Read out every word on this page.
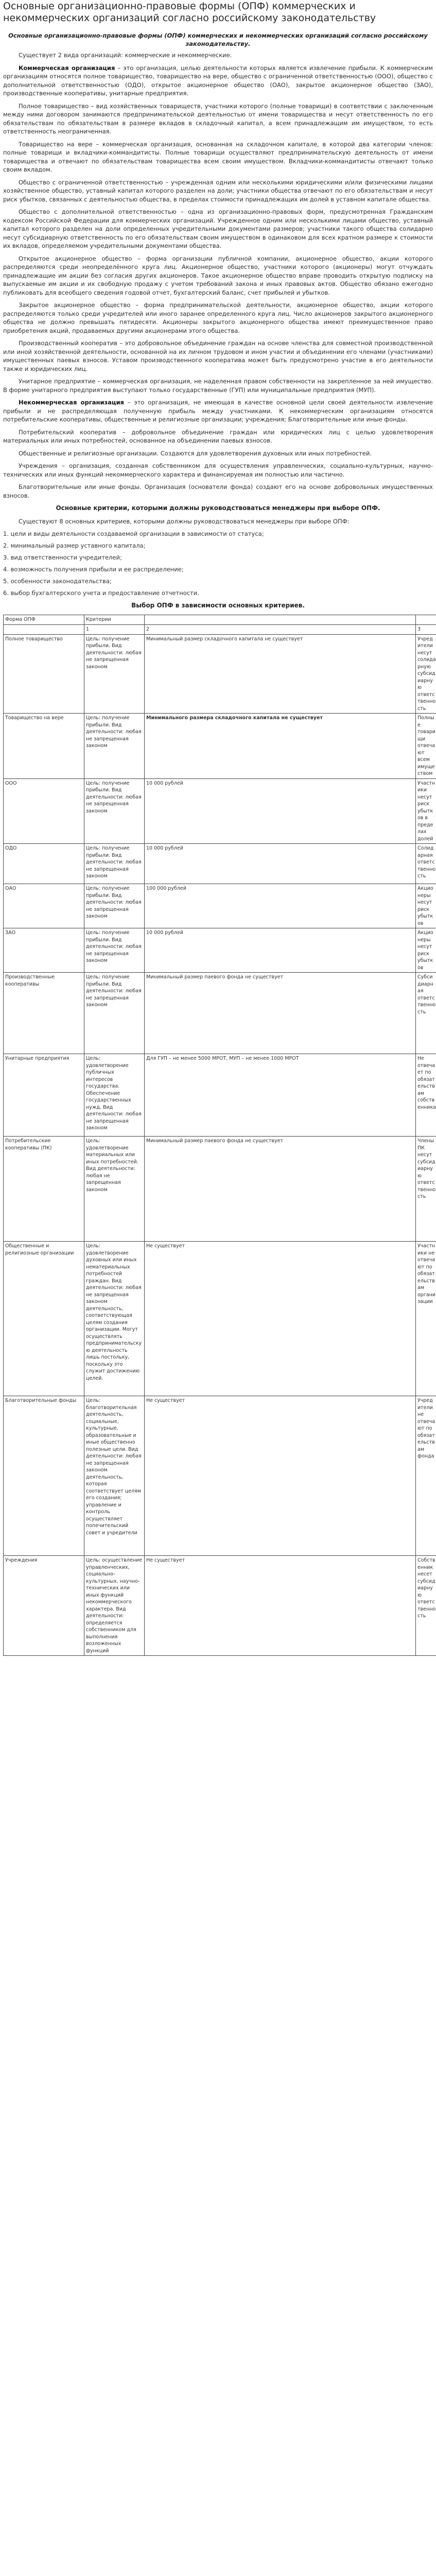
Основные организационно-правовые формы (ОПФ) коммерческих и некоммерческих организаций согласно российскому законодательству
Основные организационно-правовые формы (ОПФ) коммерческих и некоммерческих организаций согласно российскому законодательству.
Существует 2 вида организаций: коммерческие и некоммерческие.
Коммерческая организация – это организация, целью деятельности которых является извлечение прибыли. К коммерческим организациям относятся полное товарищество, товарищество на вере, общество с ограниченной ответственностью (ООО), общество с дополнительной ответственностью (ОДО), открытое акционерное общество (ОАО), закрытое акционерное общество (ЗАО), производственные кооперативы, унитарные предприятия.
Полное товарищество – вид хозяйственных товариществ, участники которого (полные товарищи) в соответствии с заключенным между ними договором занимаются предпринимательской деятельностью от имени товарищества и несут ответственность по его обязательствам по обязательствам в размере вкладов в складочный капитал, а всем принадлежащим им имуществом, то есть ответственность неограниченная.
Товарищество на вере – коммерческая организация, основанная на складочном капитале, в которой два категории членов: полные товарищи и вкладчики-коммандитисты. Полные товарищи осуществляют предпринимательскую деятельность от имени товарищества и отвечают по обязательствам товарищества всем своим имуществом. Вкладчики-коммандитисты отвечают только своим вкладом.
Общество с ограниченной ответственностью – учрежденная одним или несколькими юридическими и/или физическими лицами хозяйственное общество, уставный капитал которого разделен на доли; участники общества отвечают по его обязательствам и несут риск убытков, связанных с деятельностью общества, в пределах стоимости принадлежащих им долей в уставном капитале общества.
Общество с дополнительной ответственностью – одна из организационно-правовых форм, предусмотренная Гражданским кодексом Российской Федерации для коммерческих организаций. Учрежденное одним или несколькими лицами общество, уставный капитал которого разделен на доли определенных учредительными документами размеров; участники такого общества солидарно несут субсидиарную ответственность по его обязательствам своим имуществом в одинаковом для всех кратном размере к стоимости их вкладов, определяемом учредительными документами общества.
Открытое акционерное общество – форма организации публичной компании, акционерное общество, акции которого распределяются среди неопределённого круга лиц. Акционерное общество, участники которого (акционеры) могут отчуждать принадлежащие им акции без согласия других акционеров. Такое акционерное общество вправе проводить открытую подписку на выпускаемые им акции и их свободную продажу с учетом требований закона и иных правовых актов. Общество обязано ежегодно публиковать для всеобщего сведения годовой отчет, бухгалтерский баланс, счет прибылей и убытков.
Закрытое акционерное общество – форма предпринимательской деятельности, акционерное общество, акции которого распределяются только среди учредителей или иного заранее определенного круга лиц. Число акционеров закрытого акционерного общества не должно превышать пятидесяти. Акционеры закрытого акционерного общества имеют преимущественное право приобретения акций, продаваемых другими акционерами этого общества.
Производственный кооператив – это добровольное объединение граждан на основе членства для совместной производственной или иной хозяйственной деятельности, основанной на их личном трудовом и ином участии и объединении его членами (участниками) имущественных паевых взносов. Уставом производственного кооператива может быть предусмотрено участие в его деятельности также и юридических лиц.
Унитарное предприятие – коммерческая организация, не наделенная правом собственности на закрепленное за ней имущество. В форме унитарного предприятия выступают только государственные (ГУП) или муниципальные предприятия (МУП).
Некоммерческая организация – это организация, не имеющая в качестве основной цели своей деятельности извлечение прибыли и не распределяющая полученную прибыль между участниками. К некоммерческим организациям относятся потребительские кооперативы, общественные и религиозные организации; учреждения; Благотворительные или иные фонды.
Потребительский кооператив – добровольное объединение граждан или юридических лиц с целью удовлетворения материальных или иных потребностей, основанное на объединении паевых взносов.
Общественные и религиозные организации. Создаются для удовлетворения духовных или иных потребностей.
Учреждения – организация, созданная собственником для осуществления управленческих, социально-культурных, научно-технических или иных функций некоммерческого характера и финансируемая им полностью или частично.
Благотворительные или иные фонды. Организация (основатели фонда) создают его на основе добровольных имущественных взносов.
Основные критерии, которыми должны руководствоваться менеджеры при выборе ОПФ.
Существуют 8 основных критериев, которыми должны руководствоваться менеджеры при выборе ОПФ:

1. цели и виды деятельности создаваемой организации в зависимости от статуса;

2. минимальный размер уставного капитала;

3. вид ответственности учредителей;

4. возможность получения прибыли и ее распределение;

5. особенности законодательства;

6. выбор бухгалтерского учета и предоставление отчетности.

Выбор ОПФ в зависимости основных критериев.
Форма ОПФ	Критерии		
	1	2	3
Полное товарищество	Цель: получение прибыли. Вид деятельности: любая не запрещенная законом	Минимальный размер складочного капитала не существует	Учредители несут солидарную субсидиарную ответственность
Товарищество на вере	Цель: получение прибыли. Вид деятельности: любая не запрещенная законом	Минимального размера складочного капитала не существует	Полные товарищи отвечают всем имуществом
ООО	Цель: получение прибыли. Вид деятельности: любая не запрещенная законом	10 000 рублей	Участники несут риск убытков в пределах долей
ОДО	Цель: получение прибыли. Вид деятельности: любая не запрещенная законом	10 000 рублей	Солидарная ответственность
ОАО	Цель: получение прибыли. Вид деятельности: любая не запрещенная законом	100 000 рублей	Акционеры несут риск убытков
ЗАО	Цель: получение прибыли. Вид деятельности: любая не запрещенная законом	10 000 рублей	Акционеры несут риск убытков
Производственные кооперативы	Цель: получение прибыли. Вид деятельности: любая не запрещенная законом	Минимальный размер паевого фонда не существует	Субсидиарная ответственность
Унитарные предприятия	Цель: удовлетворение публичных интересов государства. Обеспечение государственных нужд. Вид деятельности: любая не запрещенная законом	Для ГУП – не менее 5000 МРОТ, МУП – не менее 1000 МРОТ	Не отвечает по обязательствам собственника
Потребительские кооперативы (ПК)	Цель: удовлетворение материальных или иных потребностей. Вид деятельности: любая не запрещенная законом	Минимальный размер паевого фонда не существует	Члены ПК несут субсидиарную ответственность
Общественные и религиозные организации	Цель: удовлетворение духовных или иных нематериальных потребностей граждан. Вид деятельности: любая не запрещенная законом деятельность, соответствующая целям создания организации. Могут осуществлять предпринимательскую деятельность лишь постольку, поскольку это служит достижению целей.	Не существует	Участники не отвечают по обязательствам организации
Благотворительные фонды	Цель: благотворительная деятельность, социальные, культурные, образовательные и иные общественно полезные цели. Вид деятельности: любая не запрещенная законом деятельность, которая соответствует целям его создания; управление и контроль осуществляет попечительский совет и учредители	Не существует	Учредители не отвечают по обязательствам фонда
Учреждения	Цель: осуществление управленческих, социально-культурных, научно-технических или иных функций некоммерческого характера. Вид деятельности: определяется собственником для выполнения возложенных функций	Не существует	Собственник несет субсидиарную ответственность
